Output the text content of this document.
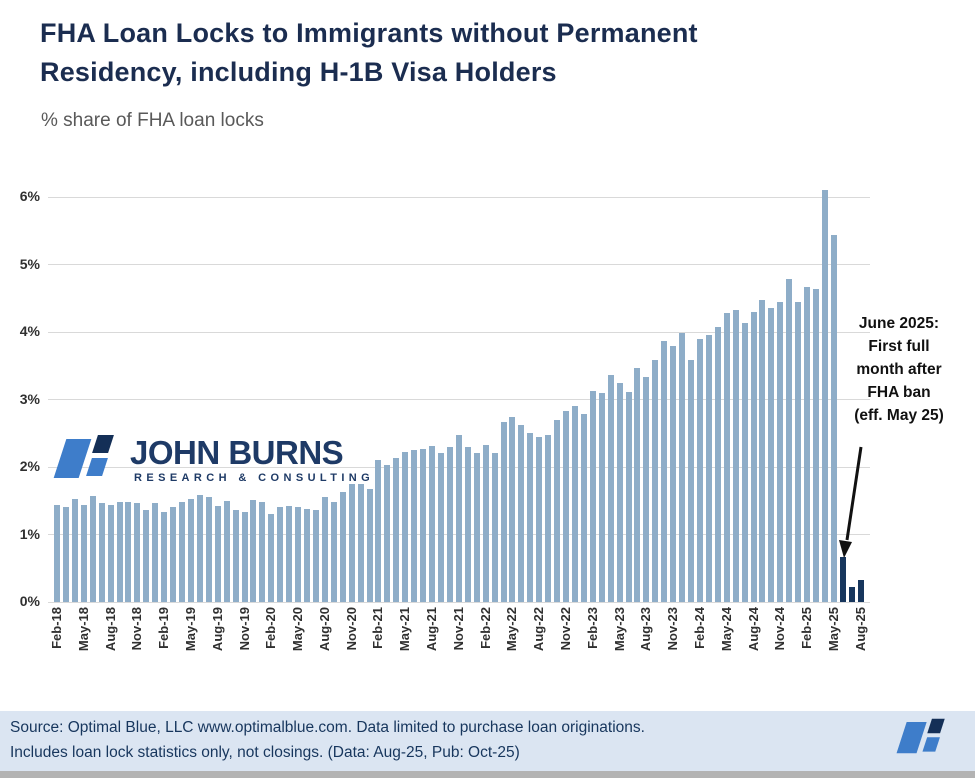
FHA Loan Locks to Immigrants without Permanent
Residency, including H-1B Visa Holders
% share of FHA loan locks
0%
1%
2%
3%
4%
5%
6%
Feb-18 May-18 Aug-18 Nov-18 Feb-19 May-19 Aug-19 Nov-19 Feb-20 May-20 Aug-20 Nov-20 Feb-21 May-21 Aug-21 Nov-21 Feb-22 May-22 Aug-22 Nov-22 Feb-23 May-23 Aug-23 Nov-23 Feb-24 May-24 Aug-24 Nov-24 Feb-25 May-25 Aug-25
JOHN BURNS
RESEARCH & CONSULTING
June 2025:
First full
month after
FHA ban
(eff. May 25)
Source: Optimal Blue, LLC www.optimalblue.com. Data limited to purchase loan originations.
Includes loan lock statistics only, not closings. (Data: Aug-25, Pub: Oct-25)
